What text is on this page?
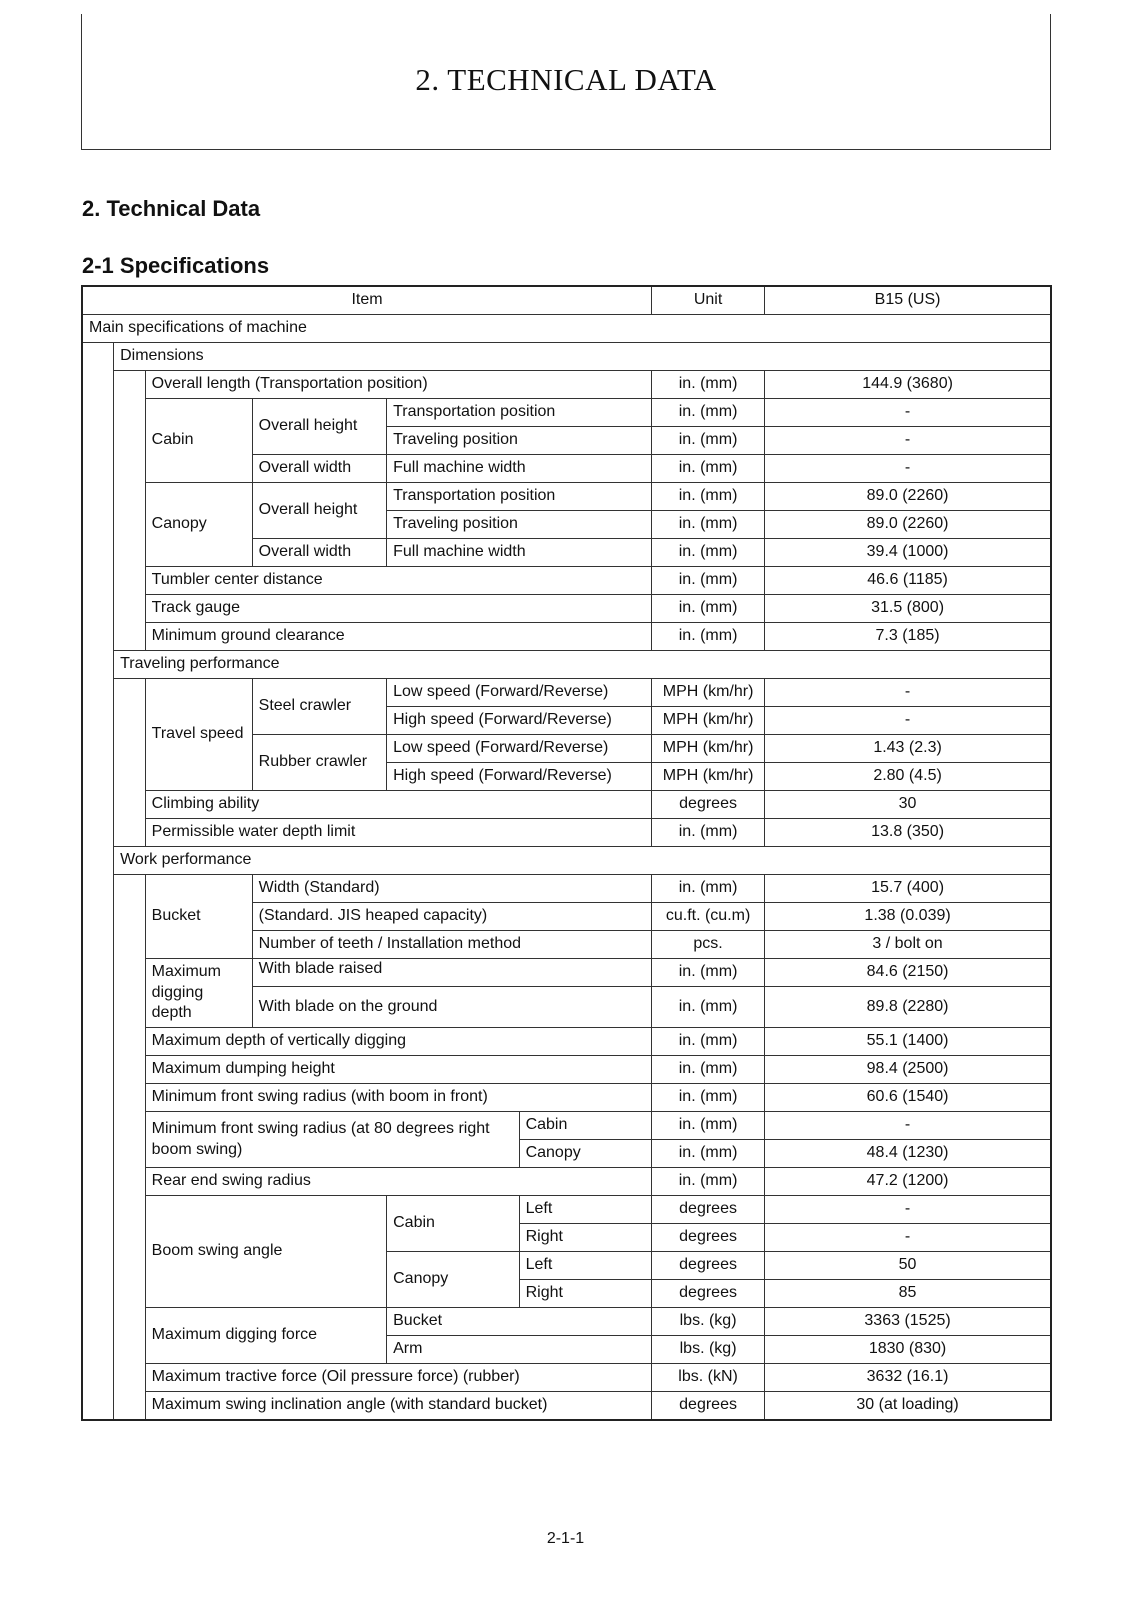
2. TECHNICAL DATA
2. Technical Data
2-1 Specifications
Item						Unit	B15 (US)
Main specifications of machine							
	Dimensions						
		Overall length (Transportation position)				in. (mm)	144.9 (3680)
		Cabin	Overall height	Transportation position		in. (mm)	-
				Traveling position		in. (mm)	-
			Overall width	Full machine width		in. (mm)	-
		Canopy	Overall height	Transportation position		in. (mm)	89.0 (2260)
				Traveling position		in. (mm)	89.0 (2260)
			Overall width	Full machine width		in. (mm)	39.4 (1000)
		Tumbler center distance				in. (mm)	46.6 (1185)
		Track gauge				in. (mm)	31.5 (800)
		Minimum ground clearance				in. (mm)	7.3 (185)
	Traveling performance						
		Travel speed	Steel crawler	Low speed (Forward/Reverse)		MPH (km/hr)	-
				High speed (Forward/Reverse)		MPH (km/hr)	-
			Rubber crawler	Low speed (Forward/Reverse)		MPH (km/hr)	1.43 (2.3)
				High speed (Forward/Reverse)		MPH (km/hr)	2.80 (4.5)
		Climbing ability				degrees	30
		Permissible water depth limit				in. (mm)	13.8 (350)
	Work performance						
		Bucket	Width (Standard)			in. (mm)	15.7 (400)
			(Standard. JIS heaped capacity)			cu.ft. (cu.m)	1.38 (0.039)
			Number of teeth / Installation method			pcs.	3 / bolt on
		Maximum digging depth	With blade raised			in. (mm)	84.6 (2150)
			With blade on the ground			in. (mm)	89.8 (2280)
		Maximum depth of vertically digging				in. (mm)	55.1 (1400)
		Maximum dumping height				in. (mm)	98.4 (2500)
		Minimum front swing radius (with boom in front)				in. (mm)	60.6 (1540)
		Minimum front swing radius (at 80 degrees right boom swing)			Cabin	in. (mm)	-
					Canopy	in. (mm)	48.4 (1230)
		Rear end swing radius				in. (mm)	47.2 (1200)
		Boom swing angle		Cabin	Left	degrees	-
					Right	degrees	-
				Canopy	Left	degrees	50
					Right	degrees	85
		Maximum digging force		Bucket		lbs. (kg)	3363 (1525)
				Arm		lbs. (kg)	1830 (830)
		Maximum tractive force (Oil pressure force) (rubber)				lbs. (kN)	3632 (16.1)
		Maximum swing inclination angle (with standard bucket)				degrees	30 (at loading)
2-1-1
